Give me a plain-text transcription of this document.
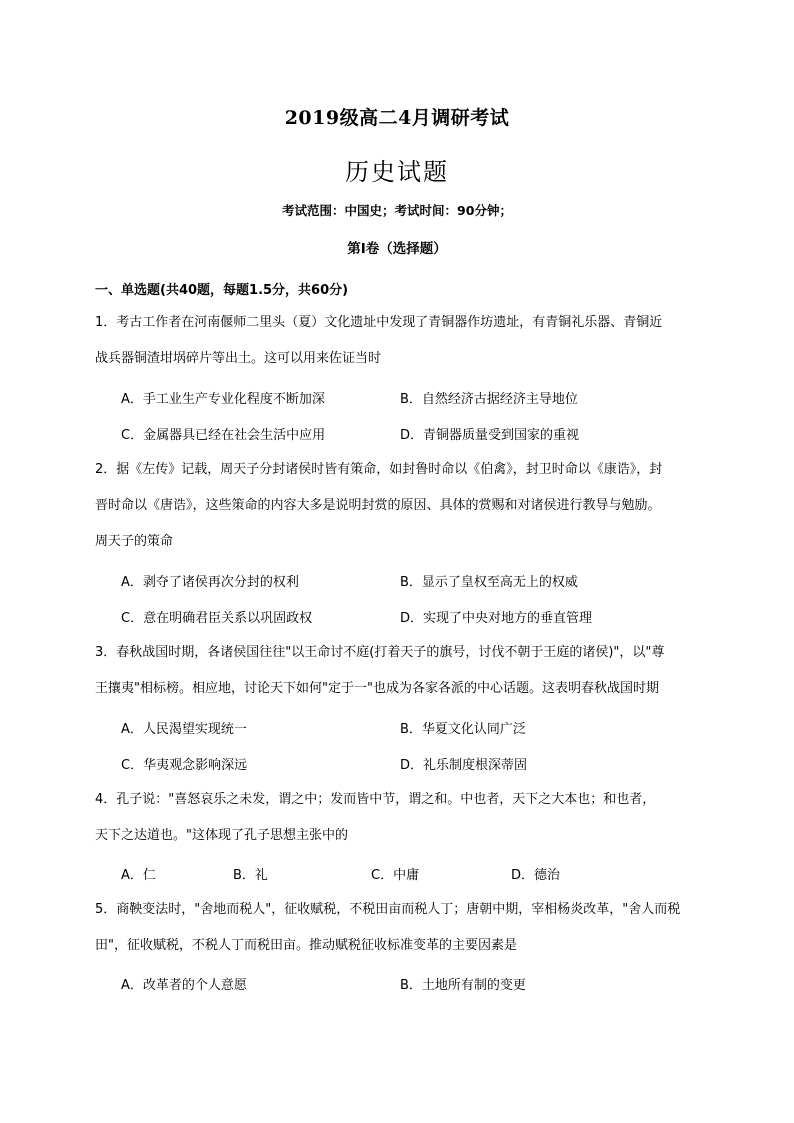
2019级高二4月调研考试
历史试题
考试范围：中国史；考试时间：90分钟；
第I卷（选择题）
一、单选题(共40题，每题1.5分，共60分)
1．考古工作者在河南偃师二里头（夏）文化遗址中发现了青铜器作坊遗址，有青铜礼乐器、青铜近
战兵器铜渣坩埚碎片等出土。这可以用来佐证当时
A．手工业生产专业化程度不断加深	B．自然经济古据经济主导地位
C．金属器具已经在社会生活中应用	D．青铜器质量受到国家的重视
2．据《左传》记载，周天子分封诸侯时皆有策命，如封鲁时命以《伯禽》，封卫时命以《康诰》，封
晋时命以《唐诰》，这些策命的内容大多是说明封赏的原因、具体的赏赐和对诸侯进行教导与勉励。
周天子的策命
A．剥夺了诸侯再次分封的权利	B．显示了皇权至高无上的权威
C．意在明确君臣关系以巩固政权	D．实现了中央对地方的垂直管理
3．春秋战国时期，各诸侯国往往"以王命讨不庭(打着天子的旗号，讨伐不朝于王庭的诸侯)"，以"尊
王攘夷"相标榜。相应地，讨论天下如何"定于一"也成为各家各派的中心话题。这表明春秋战国时期
A．人民渴望实现统一	B．华夏文化认同广泛
C．华夷观念影响深远	D．礼乐制度根深蒂固
4．孔子说："喜怒哀乐之未发，谓之中；发而皆中节，谓之和。中也者，天下之大本也；和也者，
天下之达道也。"这体现了孔子思想主张中的
A．仁	B．礼	C．中庸	D．德治
5．商鞅变法时，"舍地而税人"，征收赋税，不税田亩而税人丁；唐朝中期，宰相杨炎改革，"舍人而税
田"，征收赋税，不税人丁而税田亩。推动赋税征收标准变革的主要因素是
A．改革者的个人意愿	B．土地所有制的变更
